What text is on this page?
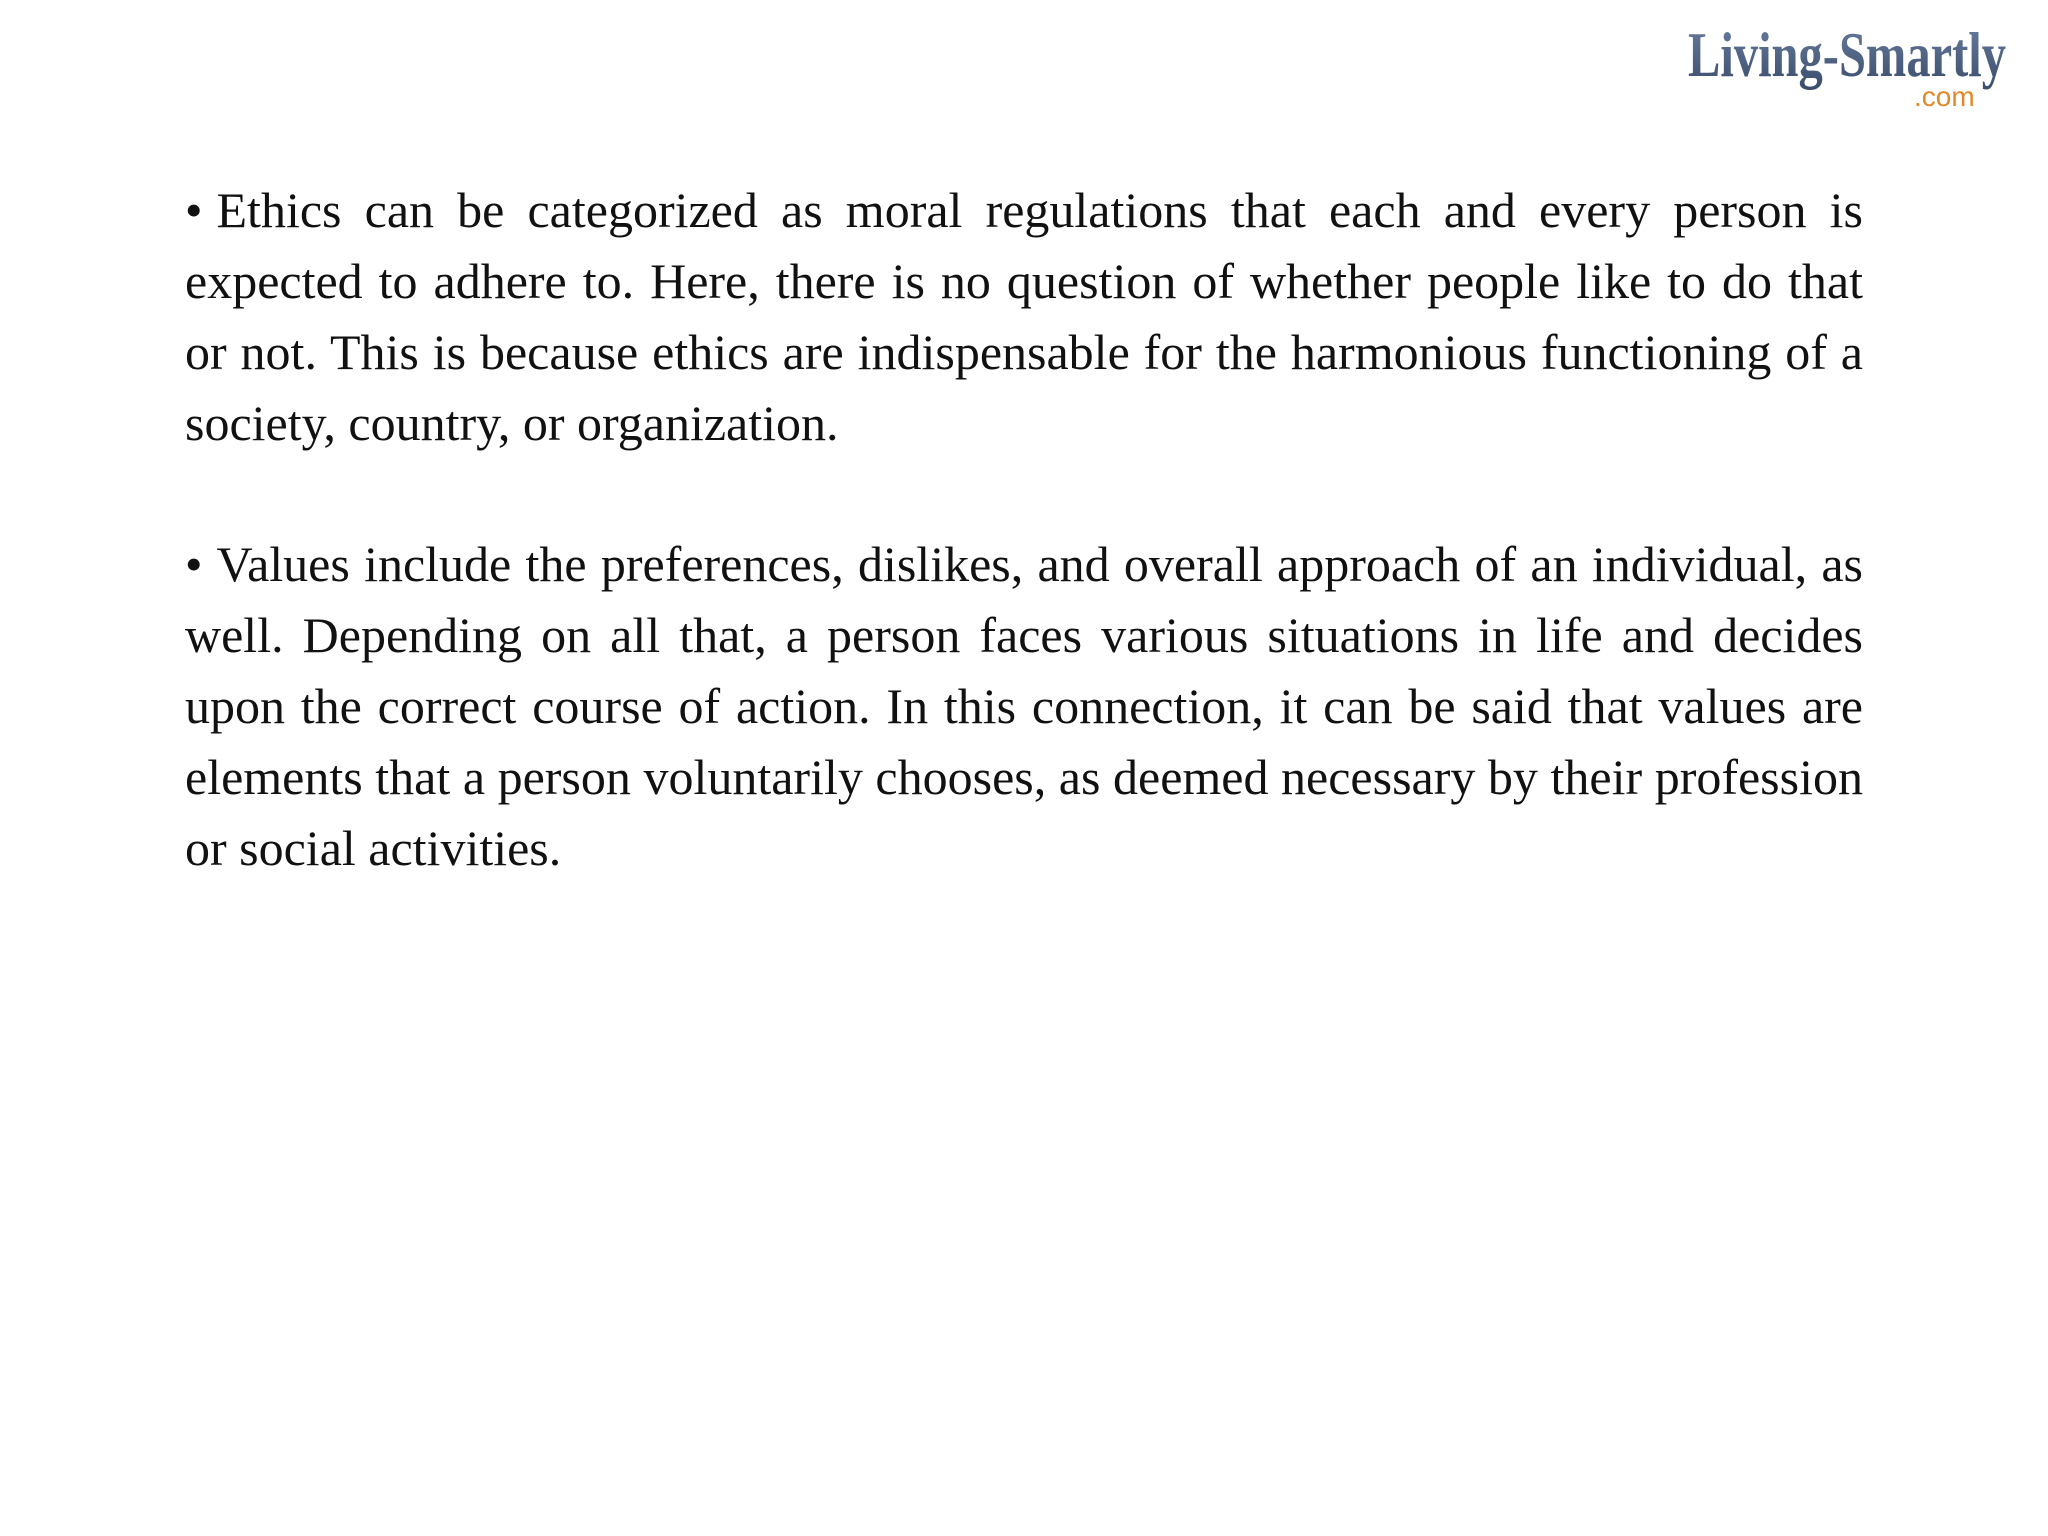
Living-Smartly
.com

• Ethics can be categorized as moral regulations that each and every person is expected to adhere to. Here, there is no question of whether people like to do that or not. This is because ethics are indispensable for the harmonious functioning of a society, country, or organization.

• Values include the preferences, dislikes, and overall approach of an individual, as well. Depending on all that, a person faces various situations in life and decides upon the correct course of action. In this connection, it can be said that values are elements that a person voluntarily chooses, as deemed necessary by their profession or social activities.
